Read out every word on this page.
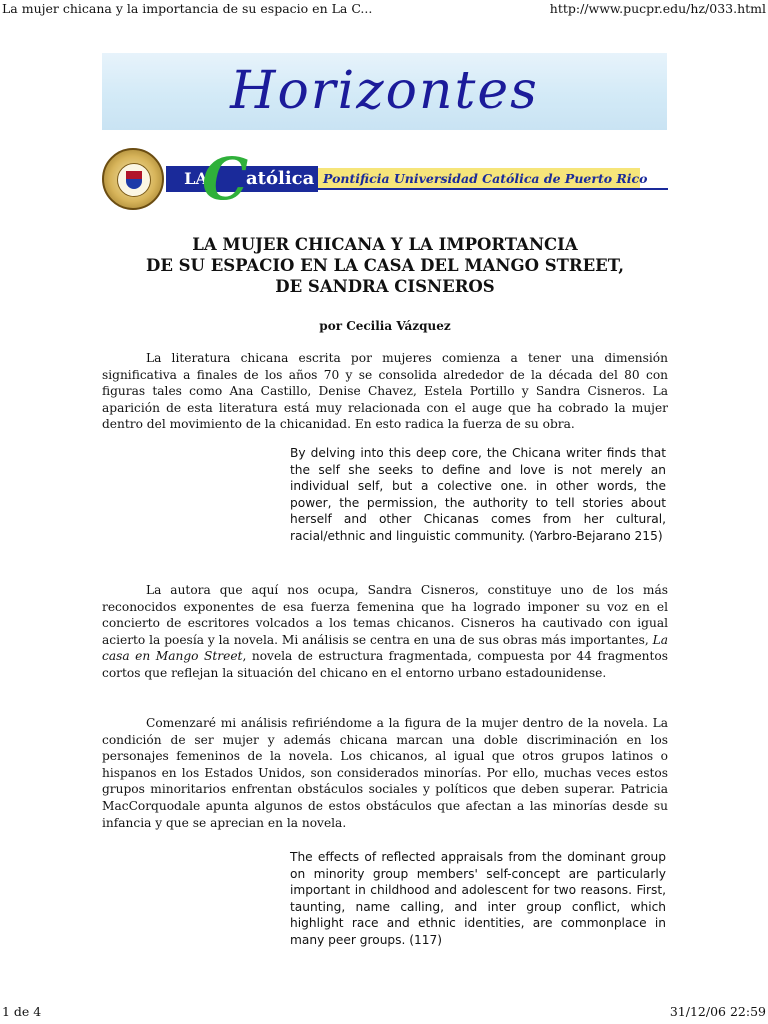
La mujer chicana y la importancia de su espacio en La C...	http://www.pucpr.edu/hz/033.html
Horizontes
LA	atólica
C	Pontificia Universidad Católica de Puerto Rico
LA MUJER CHICANA Y LA IMPORTANCIA
DE SU ESPACIO EN LA CASA DEL MANGO STREET,
DE SANDRA CISNEROS
por Cecilia Vázquez

La literatura chicana escrita por mujeres comienza a tener una dimensión significativa a finales de los años 70 y se consolida alrededor de la década del 80 con figuras tales como Ana Castillo, Denise Chavez, Estela Portillo y Sandra Cisneros. La aparición de esta literatura está muy relacionada con el auge que ha cobrado la mujer dentro del movimiento de la chicanidad. En esto radica la fuerza de su obra.

By delving into this deep core, the Chicana writer finds that the self she seeks to define and love is not merely an individual self, but a colective one. in other words, the power, the permission, the authority to tell stories about herself and other Chicanas comes from her cultural, racial/ethnic and linguistic community. (Yarbro-Bejarano 215)

La autora que aquí nos ocupa, Sandra Cisneros, constituye uno de los más reconocidos exponentes de esa fuerza femenina que ha logrado imponer su voz en el concierto de escritores volcados a los temas chicanos. Cisneros ha cautivado con igual acierto la poesía y la novela. Mi análisis se centra en una de sus obras más importantes, La casa en Mango Street, novela de estructura fragmentada, compuesta por 44 fragmentos cortos que reflejan la situación del chicano en el entorno urbano estadounidense.

Comenzaré mi análisis refiriéndome a la figura de la mujer dentro de la novela. La condición de ser mujer y además chicana marcan una doble discriminación en los personajes femeninos de la novela. Los chicanos, al igual que otros grupos latinos o hispanos en los Estados Unidos, son considerados minorías. Por ello, muchas veces estos grupos minoritarios enfrentan obstáculos sociales y políticos que deben superar. Patricia MacCorquodale apunta algunos de estos obstáculos que afectan a las minorías desde su infancia y que se aprecian en la novela.

The effects of reflected appraisals from the dominant group on minority group members' self-concept are particularly important in childhood and adolescent for two reasons. First, taunting, name calling, and inter group conflict, which highlight race and ethnic identities, are commonplace in many peer groups. (117)

1 de 4	31/12/06 22:59
